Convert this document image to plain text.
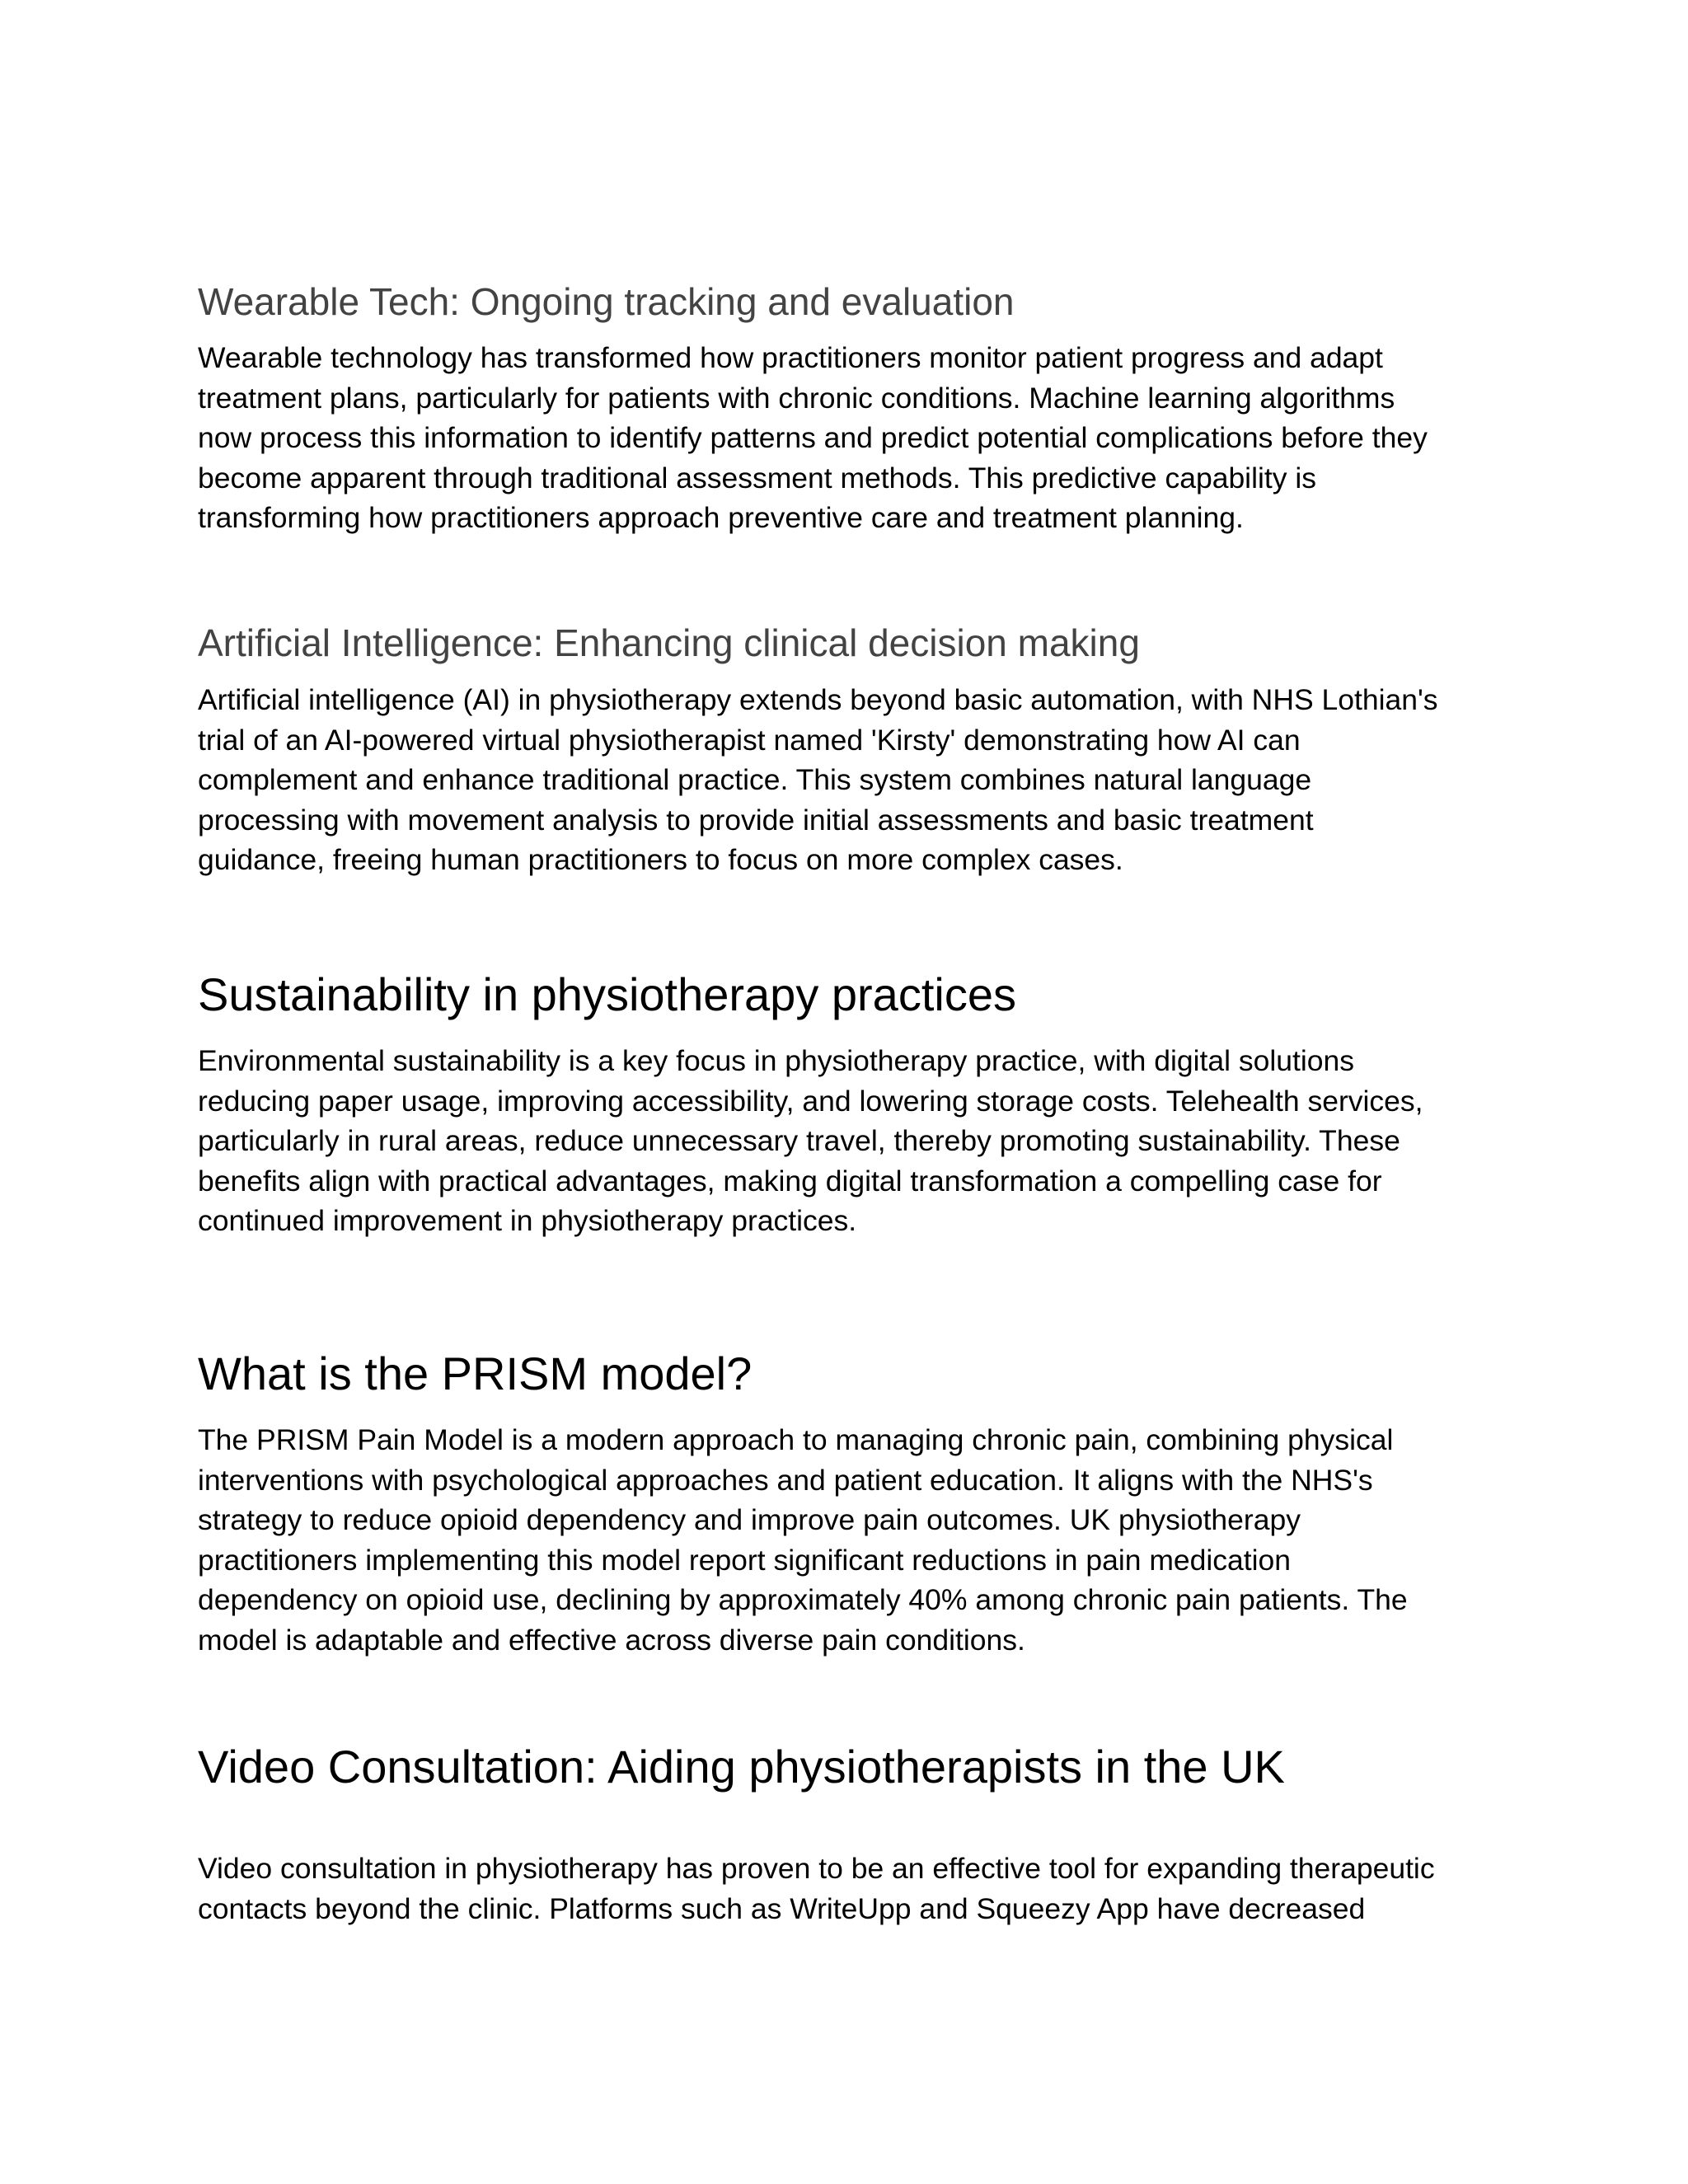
Wearable Tech: Ongoing tracking and evaluation

Wearable technology has transformed how practitioners monitor patient progress and adapt
treatment plans, particularly for patients with chronic conditions. Machine learning algorithms
now process this information to identify patterns and predict potential complications before they
become apparent through traditional assessment methods. This predictive capability is
transforming how practitioners approach preventive care and treatment planning.

Artificial Intelligence: Enhancing clinical decision making

Artificial intelligence (AI) in physiotherapy extends beyond basic automation, with NHS Lothian's
trial of an AI-powered virtual physiotherapist named 'Kirsty' demonstrating how AI can
complement and enhance traditional practice. This system combines natural language
processing with movement analysis to provide initial assessments and basic treatment
guidance, freeing human practitioners to focus on more complex cases.

Sustainability in physiotherapy practices

Environmental sustainability is a key focus in physiotherapy practice, with digital solutions
reducing paper usage, improving accessibility, and lowering storage costs. Telehealth services,
particularly in rural areas, reduce unnecessary travel, thereby promoting sustainability. These
benefits align with practical advantages, making digital transformation a compelling case for
continued improvement in physiotherapy practices.

What is the PRISM model?

The PRISM Pain Model is a modern approach to managing chronic pain, combining physical
interventions with psychological approaches and patient education. It aligns with the NHS's
strategy to reduce opioid dependency and improve pain outcomes. UK physiotherapy
practitioners implementing this model report significant reductions in pain medication
dependency on opioid use, declining by approximately 40% among chronic pain patients. The
model is adaptable and effective across diverse pain conditions.

Video Consultation: Aiding physiotherapists in the UK

Video consultation in physiotherapy has proven to be an effective tool for expanding therapeutic
contacts beyond the clinic. Platforms such as WriteUpp and Squeezy App have decreased
